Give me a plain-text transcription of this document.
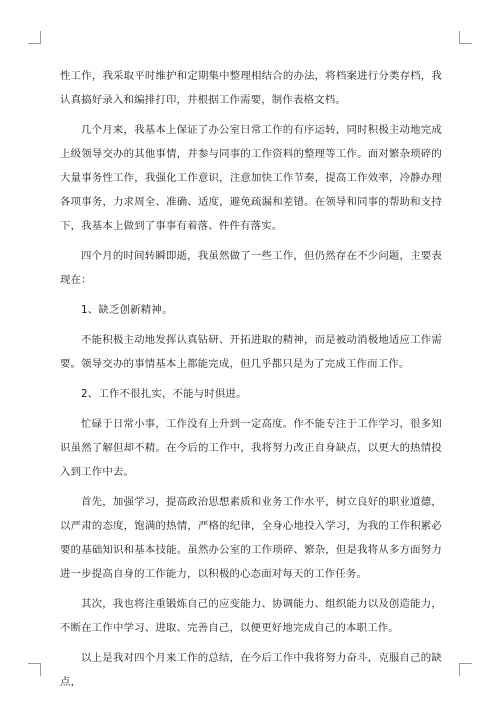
性工作，我采取平时维护和定期集中整理相结合的办法，将档案进行分类存档，我认真搞好录入和编排打印，并根据工作需要，制作表格文档。

几个月来，我基本上保证了办公室日常工作的有序运转，同时积极主动地完成上级领导交办的其他事情，并参与同事的工作资料的整理等工作。面对繁杂琐碎的大量事务性工作，我强化工作意识，注意加快工作节奏，提高工作效率，冷静办理各项事务，力求周全、准确、适度，避免疏漏和差错。在领导和同事的帮助和支持下，我基本上做到了事事有着落、件件有落实。

四个月的时间转瞬即逝，我虽然做了一些工作，但仍然存在不少问题，主要表现在：

1、缺乏创新精神。

不能积极主动地发挥认真钻研、开拓进取的精神，而是被动消极地适应工作需要。领导交办的事情基本上都能完成，但几乎都只是为了完成工作而工作。

2、工作不很扎实，不能与时俱进。

忙碌于日常小事，工作没有上升到一定高度。作不能专注于工作学习，很多知识虽然了解但却不精。在今后的工作中，我将努力改正自身缺点，以更大的热情投入到工作中去。

首先，加强学习，提高政治思想素质和业务工作水平，树立良好的职业道德，以严肃的态度，饱满的热情，严格的纪律，全身心地投入学习，为我的工作积累必要的基础知识和基本技能。虽然办公室的工作琐碎、繁杂，但是我将从多方面努力进一步提高自身的工作能力，以积极的心态面对每天的工作任务。

其次，我也将注重锻炼自己的应变能力、协调能力、组织能力以及创造能力，不断在工作中学习、进取、完善自己，以便更好地完成自己的本职工作。

以上是我对四个月来工作的总结，在今后工作中我将努力奋斗，克服自己的缺点，
